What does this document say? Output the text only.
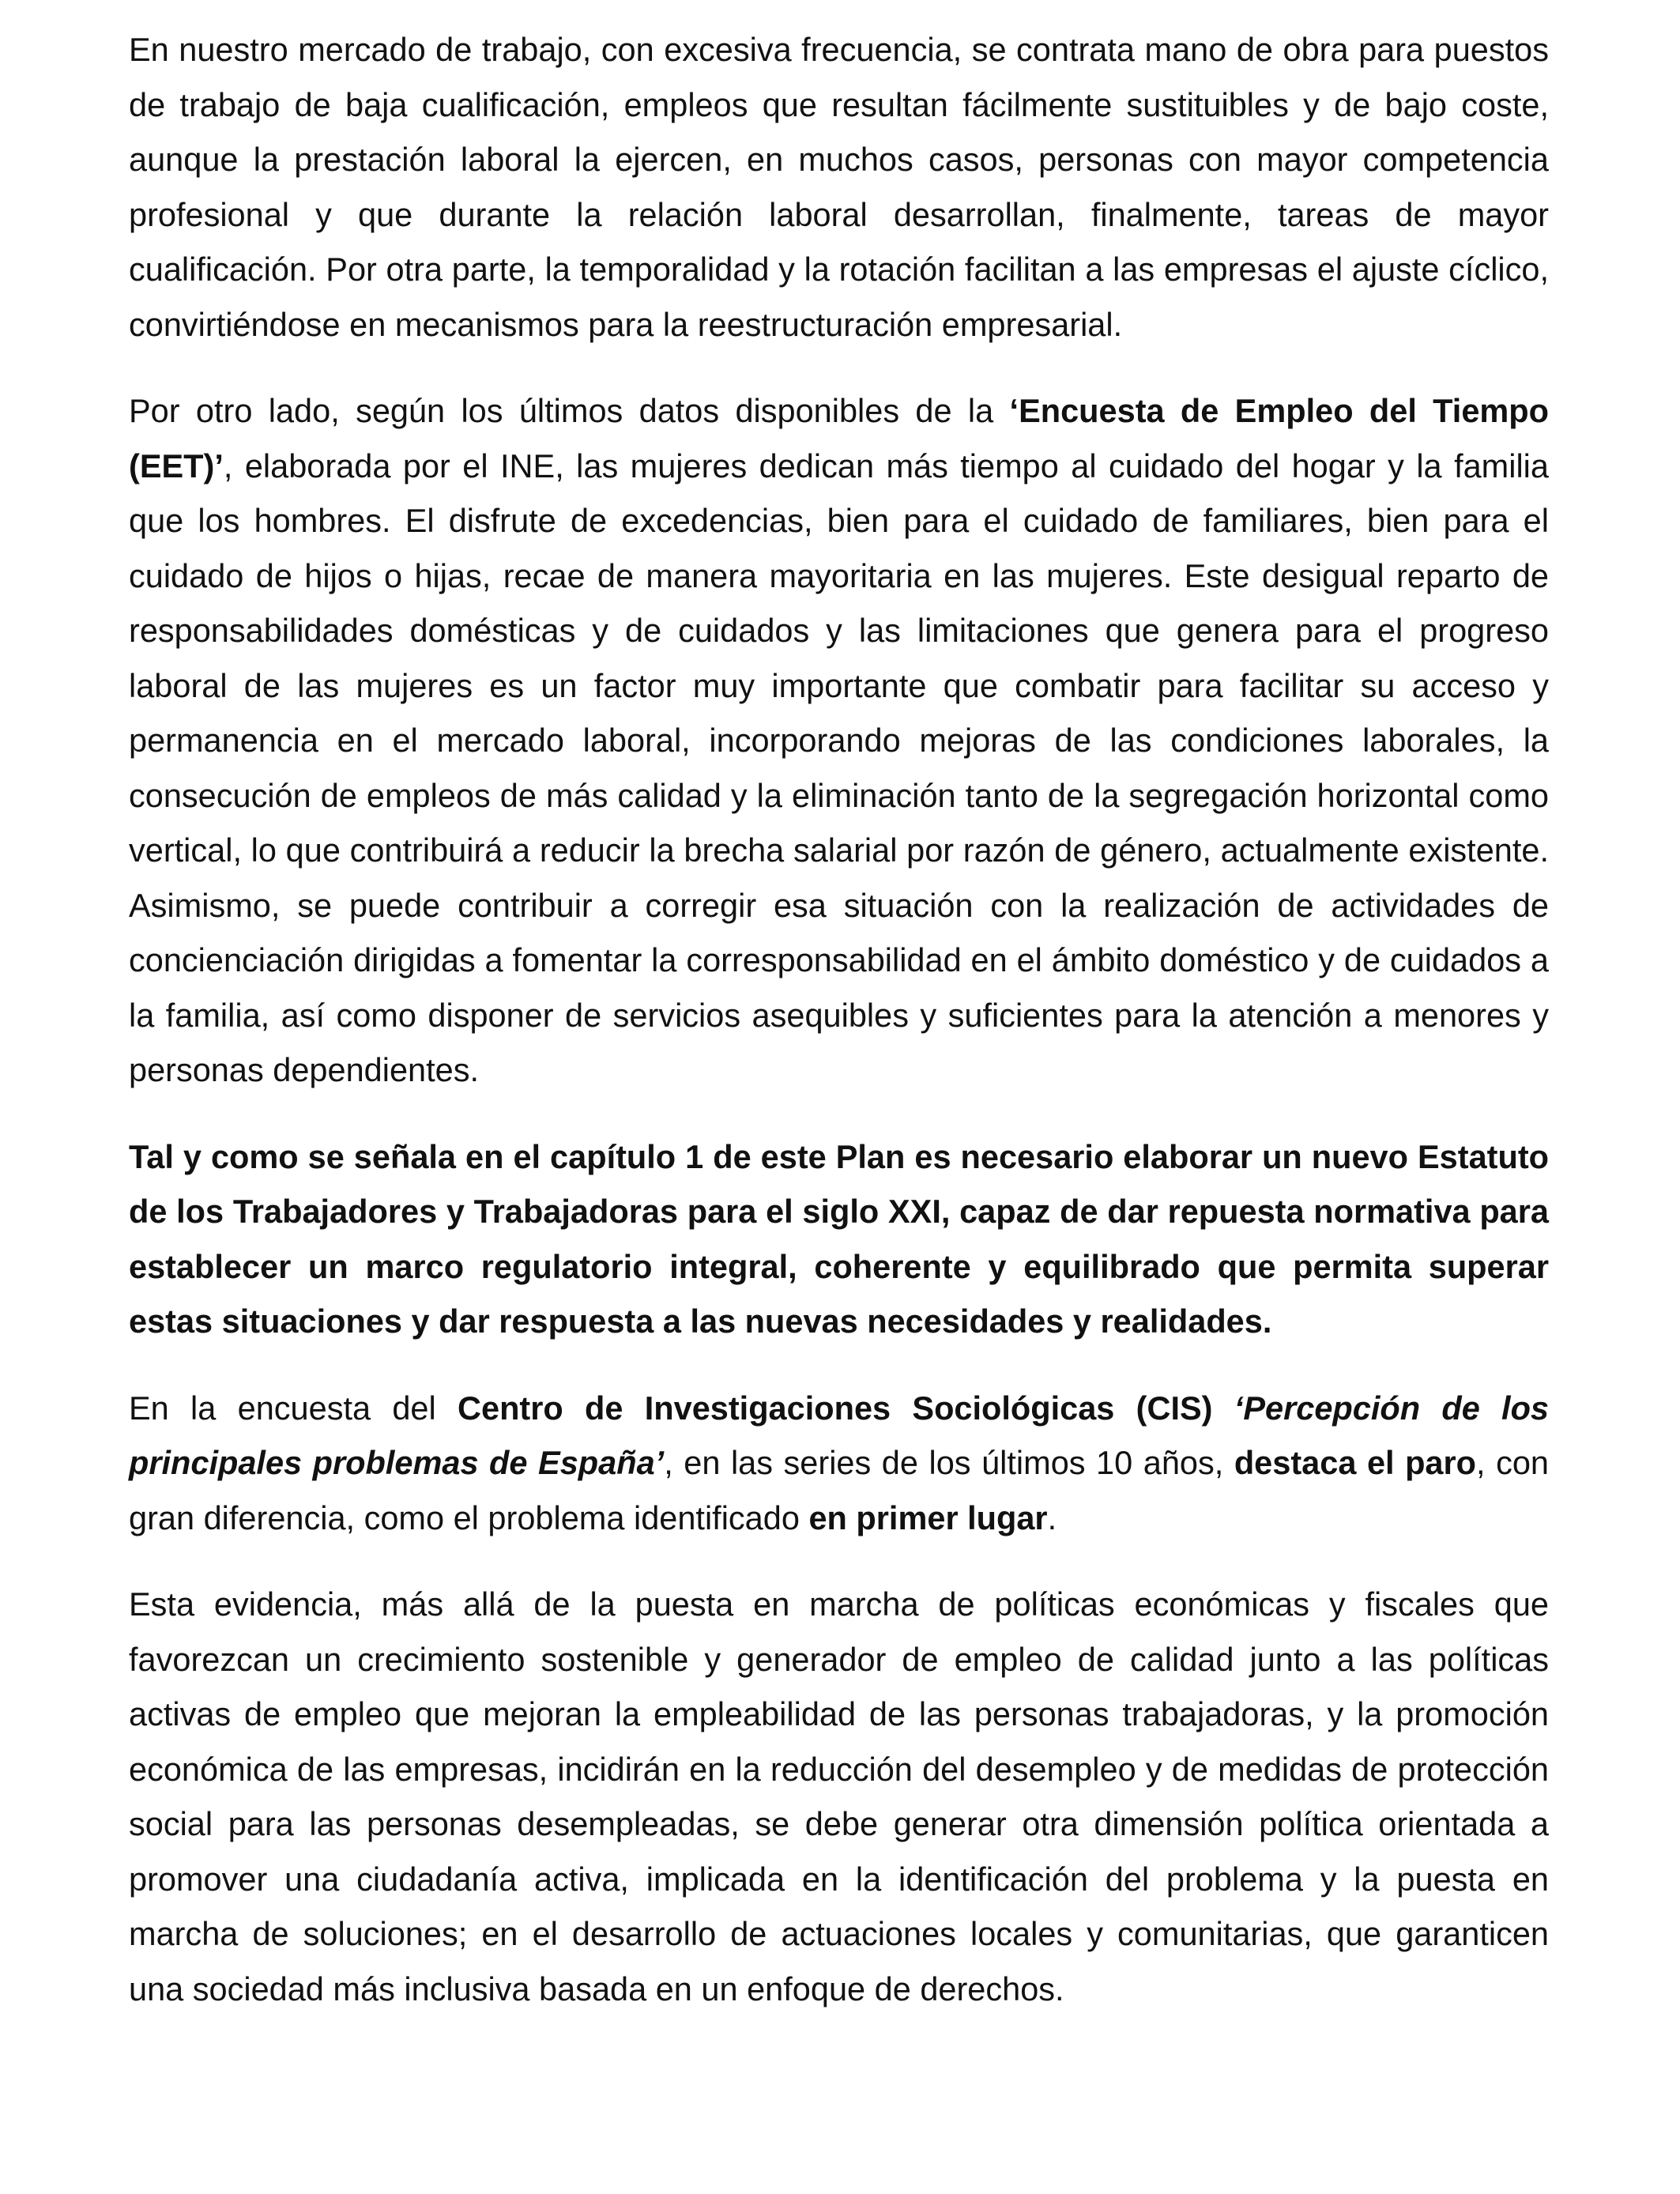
En nuestro mercado de trabajo, con excesiva frecuencia, se contrata mano de obra para puestos de trabajo de baja cualificación, empleos que resultan fácilmente sustituibles y de bajo coste, aunque la prestación laboral la ejercen, en muchos casos, personas con mayor competencia profesional y que durante la relación laboral desarrollan, finalmente, tareas de mayor cualificación. Por otra parte, la temporalidad y la rotación facilitan a las empresas el ajuste cíclico, convirtiéndose en mecanismos para la reestructuración empresarial.

Por otro lado, según los últimos datos disponibles de la ‘Encuesta de Empleo del Tiempo (EET)’, elaborada por el INE, las mujeres dedican más tiempo al cuidado del hogar y la familia que los hombres. El disfrute de excedencias, bien para el cuidado de familiares, bien para el cuidado de hijos o hijas, recae de manera mayoritaria en las mujeres. Este desigual reparto de responsabilidades domésticas y de cuidados y las limitaciones que genera para el progreso laboral de las mujeres es un factor muy importante que combatir para facilitar su acceso y permanencia en el mercado laboral, incorporando mejoras de las condiciones laborales, la consecución de empleos de más calidad y la eliminación tanto de la segregación horizontal como vertical, lo que contribuirá a reducir la brecha salarial por razón de género, actualmente existente. Asimismo, se puede contribuir a corregir esa situación con la realización de actividades de concienciación dirigidas a fomentar la corresponsabilidad en el ámbito doméstico y de cuidados a la familia, así como disponer de servicios asequibles y suficientes para la atención a menores y personas dependientes.

Tal y como se señala en el capítulo 1 de este Plan es necesario elaborar un nuevo Estatuto de los Trabajadores y Trabajadoras para el siglo XXI, capaz de dar repuesta normativa para establecer un marco regulatorio integral, coherente y equilibrado que permita superar estas situaciones y dar respuesta a las nuevas necesidades y realidades.

En la encuesta del Centro de Investigaciones Sociológicas (CIS) ‘Percepción de los principales problemas de España’, en las series de los últimos 10 años, destaca el paro, con gran diferencia, como el problema identificado en primer lugar.

Esta evidencia, más allá de la puesta en marcha de políticas económicas y fiscales que favorezcan un crecimiento sostenible y generador de empleo de calidad junto a las políticas activas de empleo que mejoran la empleabilidad de las personas trabajadoras, y la promoción económica de las empresas, incidirán en la reducción del desempleo y de medidas de protección social para las personas desempleadas, se debe generar otra dimensión política orientada a promover una ciudadanía activa, implicada en la identificación del problema y la puesta en marcha de soluciones; en el desarrollo de actuaciones locales y comunitarias, que garanticen una sociedad más inclusiva basada en un enfoque de derechos.
